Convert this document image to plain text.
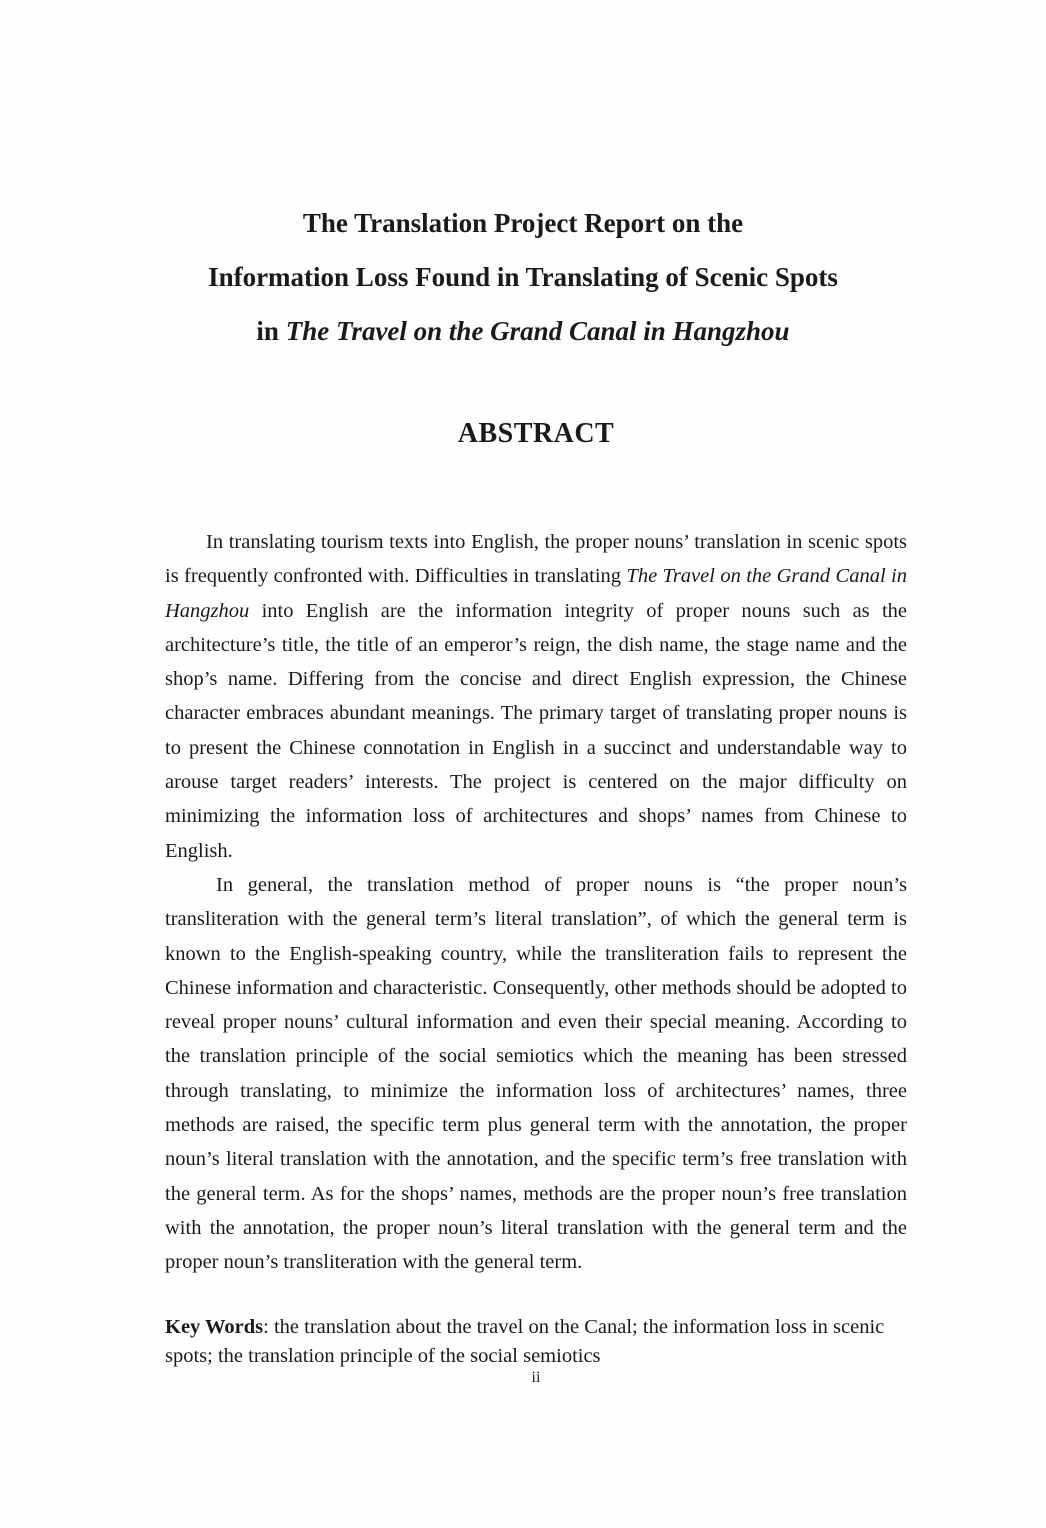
The Translation Project Report on the
Information Loss Found in Translating of Scenic Spots
in The Travel on the Grand Canal in Hangzhou
ABSTRACT

In translating tourism texts into English, the proper nouns’ translation in scenic spots is frequently confronted with. Difficulties in translating The Travel on the Grand Canal in Hangzhou into English are the information integrity of proper nouns such as the architecture’s title, the title of an emperor’s reign, the dish name, the stage name and the shop’s name. Differing from the concise and direct English expression, the Chinese character embraces abundant meanings. The primary target of translating proper nouns is to present the Chinese connotation in English in a succinct and understandable way to arouse target readers’ interests. The project is centered on the major difficulty on minimizing the information loss of architectures and shops’ names from Chinese to English.

In general, the translation method of proper nouns is “the proper noun’s transliteration with the general term’s literal translation”, of which the general term is known to the English-speaking country, while the transliteration fails to represent the Chinese information and characteristic. Consequently, other methods should be adopted to reveal proper nouns’ cultural information and even their special meaning. According to the translation principle of the social semiotics which the meaning has been stressed through translating, to minimize the information loss of architectures’ names, three methods are raised, the specific term plus general term with the annotation, the proper noun’s literal translation with the annotation, and the specific term’s free translation with the general term. As for the shops’ names, methods are the proper noun’s free translation with the annotation, the proper noun’s literal translation with the general term and the proper noun’s transliteration with the general term.

Key Words: the translation about the travel on the Canal; the information loss in scenic spots; the translation principle of the social semiotics
ii
